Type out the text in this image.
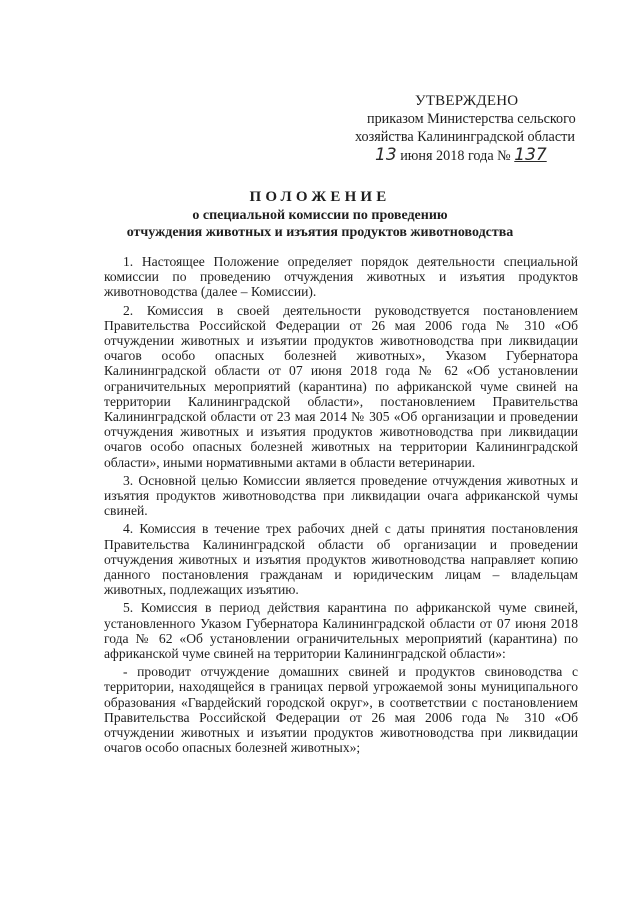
УТВЕРЖДЕНО
приказом Министерства сельского
хозяйства Калининградской области
13 июня 2018 года № 137
ПОЛОЖЕНИЕ
о специальной комиссии по проведению
отчуждения животных и изъятия продуктов животноводства

1. Настоящее Положение определяет порядок деятельности специальной комиссии по проведению отчуждения животных и изъятия продуктов животноводства (далее – Комиссии).

2. Комиссия в своей деятельности руководствуется постановлением Правительства Российской Федерации от 26 мая 2006 года № 310 «Об отчуждении животных и изъятии продуктов животноводства при ликвидации очагов особо опасных болезней животных», Указом Губернатора Калининградской области от 07 июня 2018 года № 62 «Об установлении ограничительных мероприятий (карантина) по африканской чуме свиней на территории Калининградской области», постановлением Правительства Калининградской области от 23 мая 2014 № 305 «Об организации и проведении отчуждения животных и изъятия продуктов животноводства при ликвидации очагов особо опасных болезней животных на территории Калининградской области», иными нормативными актами в области ветеринарии.

3. Основной целью Комиссии является проведение отчуждения животных и изъятия продуктов животноводства при ликвидации очага африканской чумы свиней.

4. Комиссия в течение трех рабочих дней с даты принятия постановления Правительства Калининградской области об организации и проведении отчуждения животных и изъятия продуктов животноводства направляет копию данного постановления гражданам и юридическим лицам – владельцам животных, подлежащих изъятию.

5. Комиссия в период действия карантина по африканской чуме свиней, установленного Указом Губернатора Калининградской области от 07 июня 2018 года № 62 «Об установлении ограничительных мероприятий (карантина) по африканской чуме свиней на территории Калининградской области»:

- проводит отчуждение домашних свиней и продуктов свиноводства с территории, находящейся в границах первой угрожаемой зоны муниципального образования «Гвардейский городской округ», в соответствии с постановлением Правительства Российской Федерации от 26 мая 2006 года № 310 «Об отчуждении животных и изъятии продуктов животноводства при ликвидации очагов особо опасных болезней животных»;
